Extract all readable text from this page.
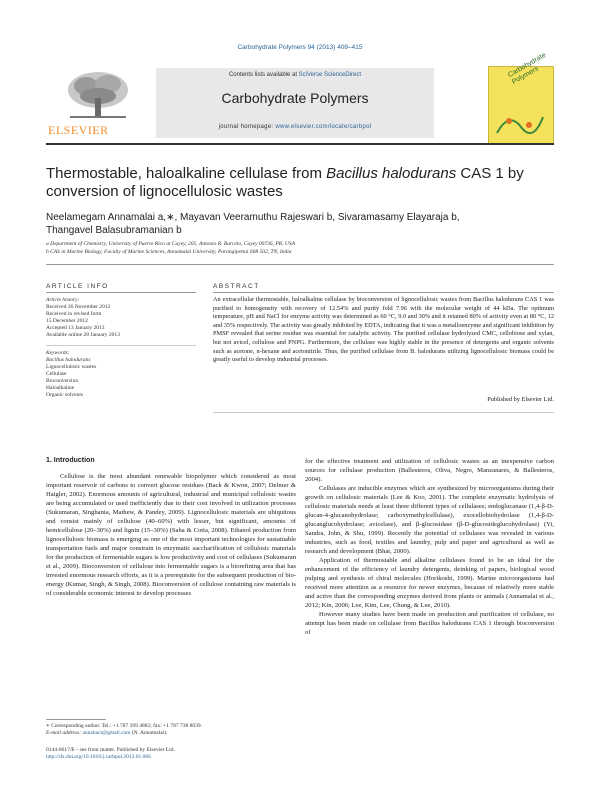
Carbohydrate Polymers 94 (2013) 409–415
ELSEVIER
Contents lists available at SciVerse ScienceDirect
Carbohydrate Polymers
journal homepage: www.elsevier.com/locate/carbpol
Carbohydrate Polymers
Thermostable, haloalkaline cellulase from Bacillus halodurans CAS 1 by conversion of lignocellulosic wastes
Neelamegam Annamalai a,∗, Mayavan Veeramuthu Rajeswari b, Sivaramasamy Elayaraja b,
Thangavel Balasubramanian b
a Department of Chemistry, University of Puerto Rico at Cayey, 205, Antonio R. Barcelo, Cayey 00736, PR, USA
b CAS in Marine Biology, Faculty of Marine Sciences, Annamalai University, Parangipettai 608 502, TN, India
ARTICLE INFO
Article history:
Received 26 November 2012
Received in revised form
15 December 2012
Accepted 13 January 2013
Available online 28 January 2013
Keywords:
Bacillus halodurans
Lignocellulosic wastes
Cellulase
Bioconversion
Haloalkaline
Organic solvents
ABSTRACT
An extracellular thermostable, haloalkaline cellulase by bioconversion of lignocellulosic wastes from Bacillus halodurans CAS 1 was purified to homogeneity with recovery of 12.54% and purity fold 7.96 with the molecular weight of 44 kDa. The optimum temperature, pH and NaCl for enzyme activity was determined as 60 °C, 9.0 and 30% and it retained 80% of activity even at 80 °C, 12 and 35% respectively. The activity was greatly inhibited by EDTA, indicating that it was a metalloenzyme and significant inhibition by PMSF revealed that serine residue was essential for catalytic activity. The purified cellulase hydrolyzed CMC, cellobiose and xylan, but not avicel, cellulose and PNPG. Furthermore, the cellulase was highly stable in the presence of detergents and organic solvents such as acetone, n-hexane and acetonitrile. Thus, the purified cellulase from B. halodurans utilizing lignocellulosic biomass could be greatly useful to develop industrial processes.
Published by Elsevier Ltd.
1. Introduction

Cellulose is the most abundant renewable biopolymer which considered as most important reservoir of carbons to convert glucose residues (Back & Kwon, 2007; Delmer & Haigler, 2002). Enormous amounts of agricultural, industrial and municipal cellulosic wastes are being accumulated or used inefficiently due to their cost involved in utilization processes (Sukumaran, Singhania, Mathew, & Pandey, 2009). Lignocellulosic materials are ubiquitous and consist mainly of cellulose (40–60%) with lesser, but significant, amounts of hemicellulose (20–30%) and lignin (15–30%) (Saha & Cotta, 2008). Ethanol production from lignocellulosic biomass is emerging as one of the most important technologies for sustainable transportation fuels and major constrain in enzymatic saccharification of cellulosic materials for the production of fermentable sugars is low productivity and cost of cellulases (Sukumaran et al., 2009). Bioconversion of cellulose into fermentable sugars is a biorefining area that has invested enormous research efforts, as it is a prerequisite for the subsequent production of bio-energy (Kumar, Singh, & Singh, 2008). Bioconversion of cellulose containing raw materials is of considerable economic interest to develop processes

for the effective treatment and utilization of cellulosic wastes as an inexpensive carbon sources for cellulase production (Ballesteros, Oliva, Negro, Manzanares, & Ballesteros, 2004).

Cellulases are inducible enzymes which are synthesized by microorganisms during their growth on cellulosic materials (Lee & Koo, 2001). The complete enzymatic hydrolysis of cellulosic materials needs at least three different types of cellulases; endoglucanase (1,4-β-D-glucan-4-glucanohydrolase; carboxymethylcellulase), exocellobiohydrolase (1,4-β-D-glucanglucohydrolase; avicelase), and β-glucosidase (β-D-glucosideglucohydrolase) (Yi, Sandra, John, & Shu, 1999). Recently the potential of cellulases was revealed in various industries, such as food, textiles and laundry, pulp and paper and agricultural as well as research and development (Bhat, 2000).

Application of thermostable and alkaline cellulases found to be an ideal for the enhancement of the efficiency of laundry detergents, deinking of papers, biological wood pulping and synthesis of chiral molecules (Horikoshi, 1999). Marine microorganisms had received more attention as a resource for newer enzymes, because of relatively more stable and active than the corresponding enzymes derived from plants or animals (Annamalai et al., 2012; Kin, 2006; Lee, Kim, Lee, Chung, & Lee, 2010).

However many studies have been made on production and purification of cellulase, no attempt has been made on cellulase from Bacillus halodurans CAS 1 through bioconversion of

∗ Corresponding author. Tel.: +1 787 399 4882; fax: +1 787 738 8039.
E-mail address: annabact@gmail.com (N. Annamalai).
0144-8617/$ – see front matter. Published by Elsevier Ltd.
http://dx.doi.org/10.1016/j.carbpol.2013.01.066
